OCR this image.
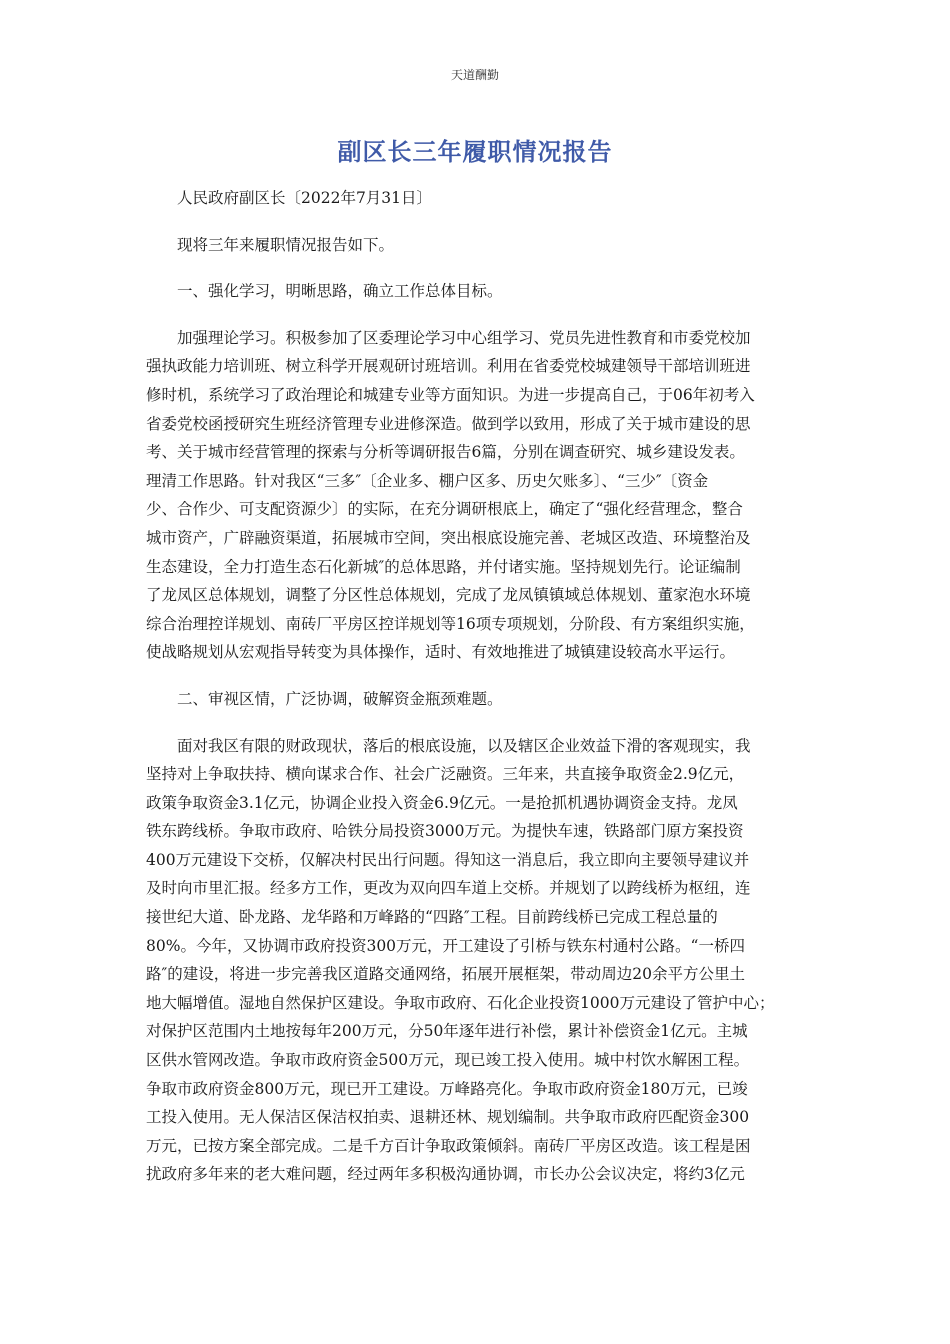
天道酬勤
副区长三年履职情况报告
人民政府副区长〔2022年7月31日〕
现将三年来履职情况报告如下。
一、强化学习，明晰思路，确立工作总体目标。
加强理论学习。积极参加了区委理论学习中心组学习、党员先进性教育和市委党校加
强执政能力培训班、树立科学开展观研讨班培训。利用在省委党校城建领导干部培训班进
修时机，系统学习了政治理论和城建专业等方面知识。为进一步提高自己，于06年初考入
省委党校函授研究生班经济管理专业进修深造。做到学以致用，形成了关于城市建设的思
考、关于城市经营管理的探索与分析等调研报告6篇，分别在调查研究、城乡建设发表。
理清工作思路。针对我区“三多″〔企业多、棚户区多、历史欠账多〕、“三少″〔资金
少、合作少、可支配资源少〕的实际，在充分调研根底上，确定了“强化经营理念，整合
城市资产，广辟融资渠道，拓展城市空间，突出根底设施完善、老城区改造、环境整治及
生态建设，全力打造生态石化新城″的总体思路，并付诸实施。坚持规划先行。论证编制
了龙凤区总体规划，调整了分区性总体规划，完成了龙凤镇镇域总体规划、董家泡水环境
综合治理控详规划、南砖厂平房区控详规划等16项专项规划，分阶段、有方案组织实施，
使战略规划从宏观指导转变为具体操作，适时、有效地推进了城镇建设较高水平运行。
二、审视区情，广泛协调，破解资金瓶颈难题。
面对我区有限的财政现状，落后的根底设施，以及辖区企业效益下滑的客观现实，我
坚持对上争取扶持、横向谋求合作、社会广泛融资。三年来，共直接争取资金2.9亿元，
政策争取资金3.1亿元，协调企业投入资金6.9亿元。一是抢抓机遇协调资金支持。龙凤
铁东跨线桥。争取市政府、哈铁分局投资3000万元。为提快车速，铁路部门原方案投资
400万元建设下交桥，仅解决村民出行问题。得知这一消息后，我立即向主要领导建议并
及时向市里汇报。经多方工作，更改为双向四车道上交桥。并规划了以跨线桥为枢纽，连
接世纪大道、卧龙路、龙华路和万峰路的“四路″工程。目前跨线桥已完成工程总量的
80%。今年，又协调市政府投资300万元，开工建设了引桥与铁东村通村公路。“一桥四
路″的建设，将进一步完善我区道路交通网络，拓展开展框架，带动周边20余平方公里土
地大幅增值。湿地自然保护区建设。争取市政府、石化企业投资1000万元建设了管护中心；
对保护区范围内土地按每年200万元，分50年逐年进行补偿，累计补偿资金1亿元。主城
区供水管网改造。争取市政府资金500万元，现已竣工投入使用。城中村饮水解困工程。
争取市政府资金800万元，现已开工建设。万峰路亮化。争取市政府资金180万元，已竣
工投入使用。无人保洁区保洁权拍卖、退耕还林、规划编制。共争取市政府匹配资金300
万元，已按方案全部完成。二是千方百计争取政策倾斜。南砖厂平房区改造。该工程是困
扰政府多年来的老大难问题，经过两年多积极沟通协调，市长办公会议决定，将约3亿元
